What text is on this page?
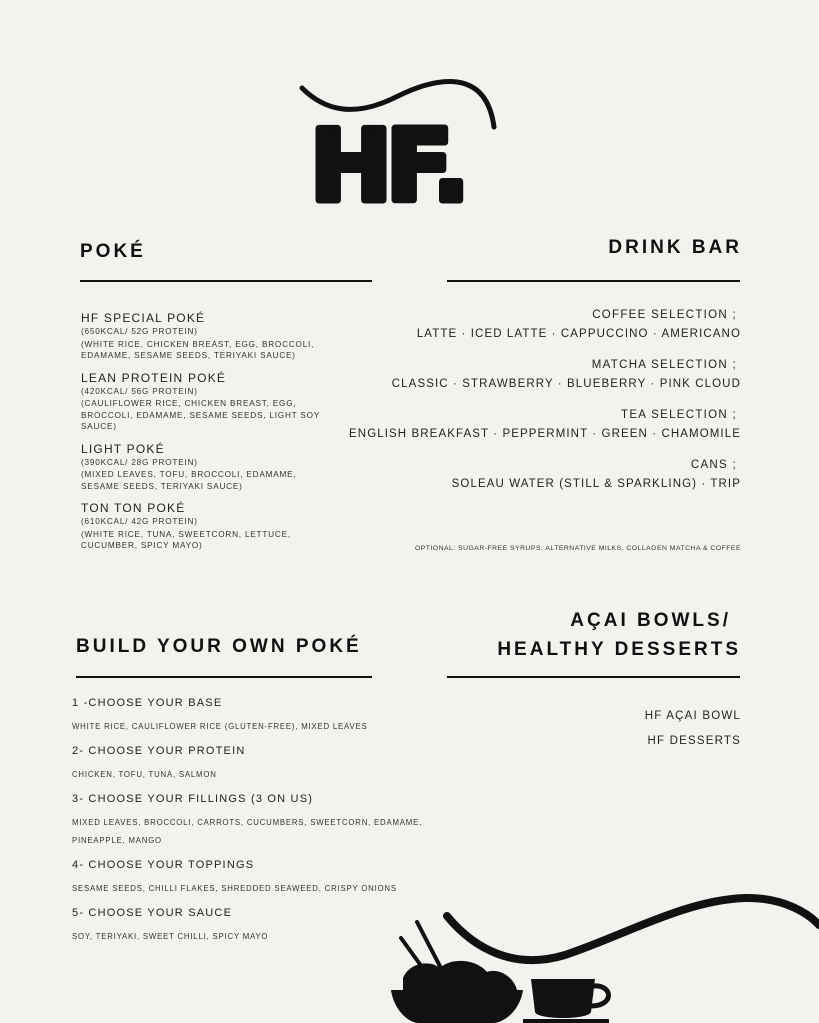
HF.
POKÉ
HF SPECIAL POKÉ
(650KCAL/ 52G PROTEIN)
(WHITE RICE, CHICKEN BREAST, EGG, BROCCOLI, EDAMAME, SESAME SEEDS, TERIYAKI SAUCE)
LEAN PROTEIN POKÉ
(420KCAL/ 56G PROTEIN)
(CAULIFLOWER RICE, CHICKEN BREAST, EGG, BROCCOLI, EDAMAME, SESAME SEEDS, LIGHT SOY SAUCE)
LIGHT POKÉ
(390KCAL/ 28G PROTEIN)
(MIXED LEAVES, TOFU, BROCCOLI, EDAMAME, SESAME SEEDS, TERIYAKI SAUCE)
TON TON POKÉ
(610KCAL/ 42G PROTEIN)
(WHITE RICE, TUNA, SWEETCORN, LETTUCE, CUCUMBER, SPICY MAYO)
DRINK BAR
COFFEE SELECTION ;
LATTE · ICED LATTE · CAPPUCCINO · AMERICANO
MATCHA SELECTION ;
CLASSIC · STRAWBERRY · BLUEBERRY · PINK CLOUD
TEA SELECTION ;
ENGLISH BREAKFAST · PEPPERMINT · GREEN · CHAMOMILE
CANS ;
SOLEAU WATER (STILL & SPARKLING) · TRIP
OPTIONAL: SUGAR-FREE SYRUPS, ALTERNATIVE MILKS, COLLAGEN MATCHA & COFFEE
BUILD YOUR OWN POKÉ
1 -CHOOSE YOUR BASE
WHITE RICE, CAULIFLOWER RICE (GLUTEN-FREE), MIXED LEAVES
2- CHOOSE YOUR PROTEIN
CHICKEN, TOFU, TUNA, SALMON
3- CHOOSE YOUR FILLINGS (3 ON US)
MIXED LEAVES, BROCCOLI, CARROTS, CUCUMBERS, SWEETCORN, EDAMAME, PINEAPPLE, MANGO
4- CHOOSE YOUR TOPPINGS
SESAME SEEDS, CHILLI FLAKES, SHREDDED SEAWEED, CRISPY ONIONS
5- CHOOSE YOUR SAUCE
SOY, TERIYAKI, SWEET CHILLI, SPICY MAYO
AÇAI BOWLS/
HEALTHY DESSERTS
HF AÇAI BOWL
HF DESSERTS
